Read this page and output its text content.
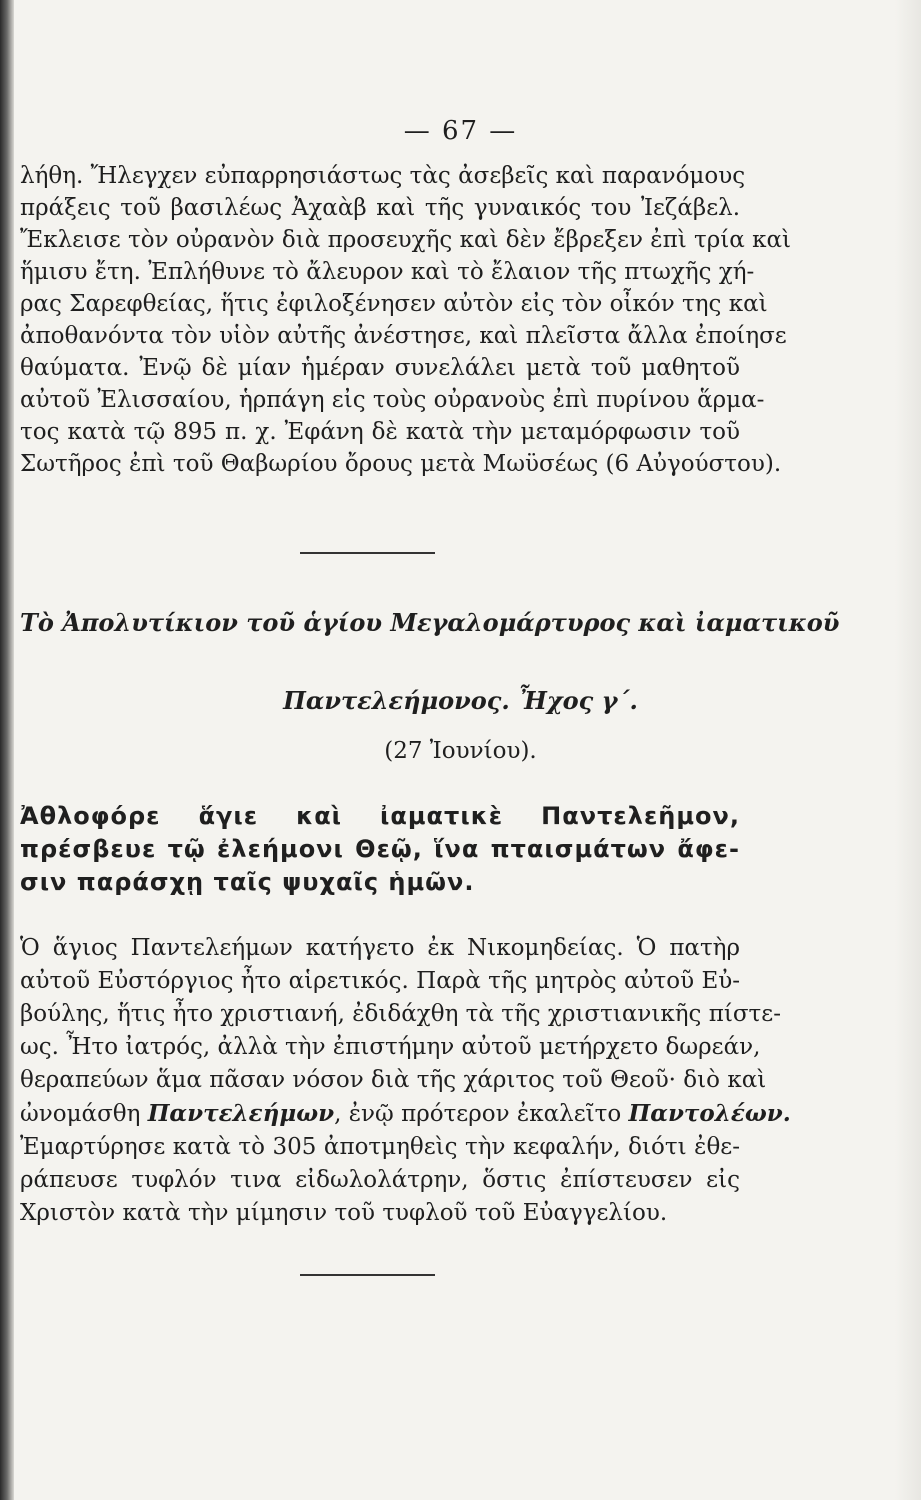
— 67 —
λήθη. Ἤλεγχεν εὐπαρρησιάστως τὰς ἀσεβεῖς καὶ παρανόμους
πράξεις τοῦ βασιλέως Ἀχαὰβ καὶ τῆς γυναικός του Ἰεζάβελ.
Ἔκλεισε τὸν οὐρανὸν διὰ προσευχῆς καὶ δὲν ἔβρεξεν ἐπὶ τρία καὶ
ἥμισυ ἔτη. Ἐπλήθυνε τὸ ἄλευρον καὶ τὸ ἔλαιον τῆς πτωχῆς χή-
ρας Σαρεφθείας, ἥτις ἐφιλοξένησεν αὐτὸν εἰς τὸν οἶκόν της καὶ
ἀποθανόντα τὸν υἱὸν αὐτῆς ἀνέστησε, καὶ πλεῖστα ἄλλα ἐποίησε
θαύματα. Ἐνῷ δὲ μίαν ἡμέραν συνελάλει μετὰ τοῦ μαθητοῦ
αὐτοῦ Ἐλισσαίου, ἡρπάγη εἰς τοὺς οὐρανοὺς ἐπὶ πυρίνου ἅρμα-
τος κατὰ τῷ 895 π. χ. Ἐφάνη δὲ κατὰ τὴν μεταμόρφωσιν τοῦ
Σωτῆρος ἐπὶ τοῦ Θαβωρίου ὄρους μετὰ Μωϋσέως (6 Αὐγούστου).
Τὸ Ἀπολυτίκιον τοῦ ἁγίου Μεγαλομάρτυρος καὶ ἰαματικοῦ
Παντελεήμονος. Ἦχος γ΄.
(27 Ἰουνίου).
Ἀθλοφόρε ἅγιε καὶ ἰαματικὲ Παντελεῆμον,
πρέσβευε τῷ ἐλεήμονι Θεῷ, ἵνα πταισμάτων ἄφε-
σιν παράσχῃ ταῖς ψυχαῖς ἡμῶν.
Ὁ ἅγιος Παντελεήμων κατήγετο ἐκ Νικομηδείας. Ὁ πατὴρ
αὐτοῦ Εὐστόργιος ἦτο αἱρετικός. Παρὰ τῆς μητρὸς αὐτοῦ Εὐ-
βούλης, ἥτις ἦτο χριστιανή, ἐδιδάχθη τὰ τῆς χριστιανικῆς πίστε-
ως. Ἦτο ἰατρός, ἀλλὰ τὴν ἐπιστήμην αὐτοῦ μετήρχετο δωρεάν,
θεραπεύων ἅμα πᾶσαν νόσον διὰ τῆς χάριτος τοῦ Θεοῦ· διὸ καὶ
ὠνομάσθη Παντελεήμων, ἐνῷ πρότερον ἐκαλεῖτο Παντολέων.
Ἐμαρτύρησε κατὰ τὸ 305 ἀποτμηθεὶς τὴν κεφαλήν, διότι ἐθε-
ράπευσε τυφλόν τινα εἰδωλολάτρην, ὅστις ἐπίστευσεν εἰς
Χριστὸν κατὰ τὴν μίμησιν τοῦ τυφλοῦ τοῦ Εὐαγγελίου.
